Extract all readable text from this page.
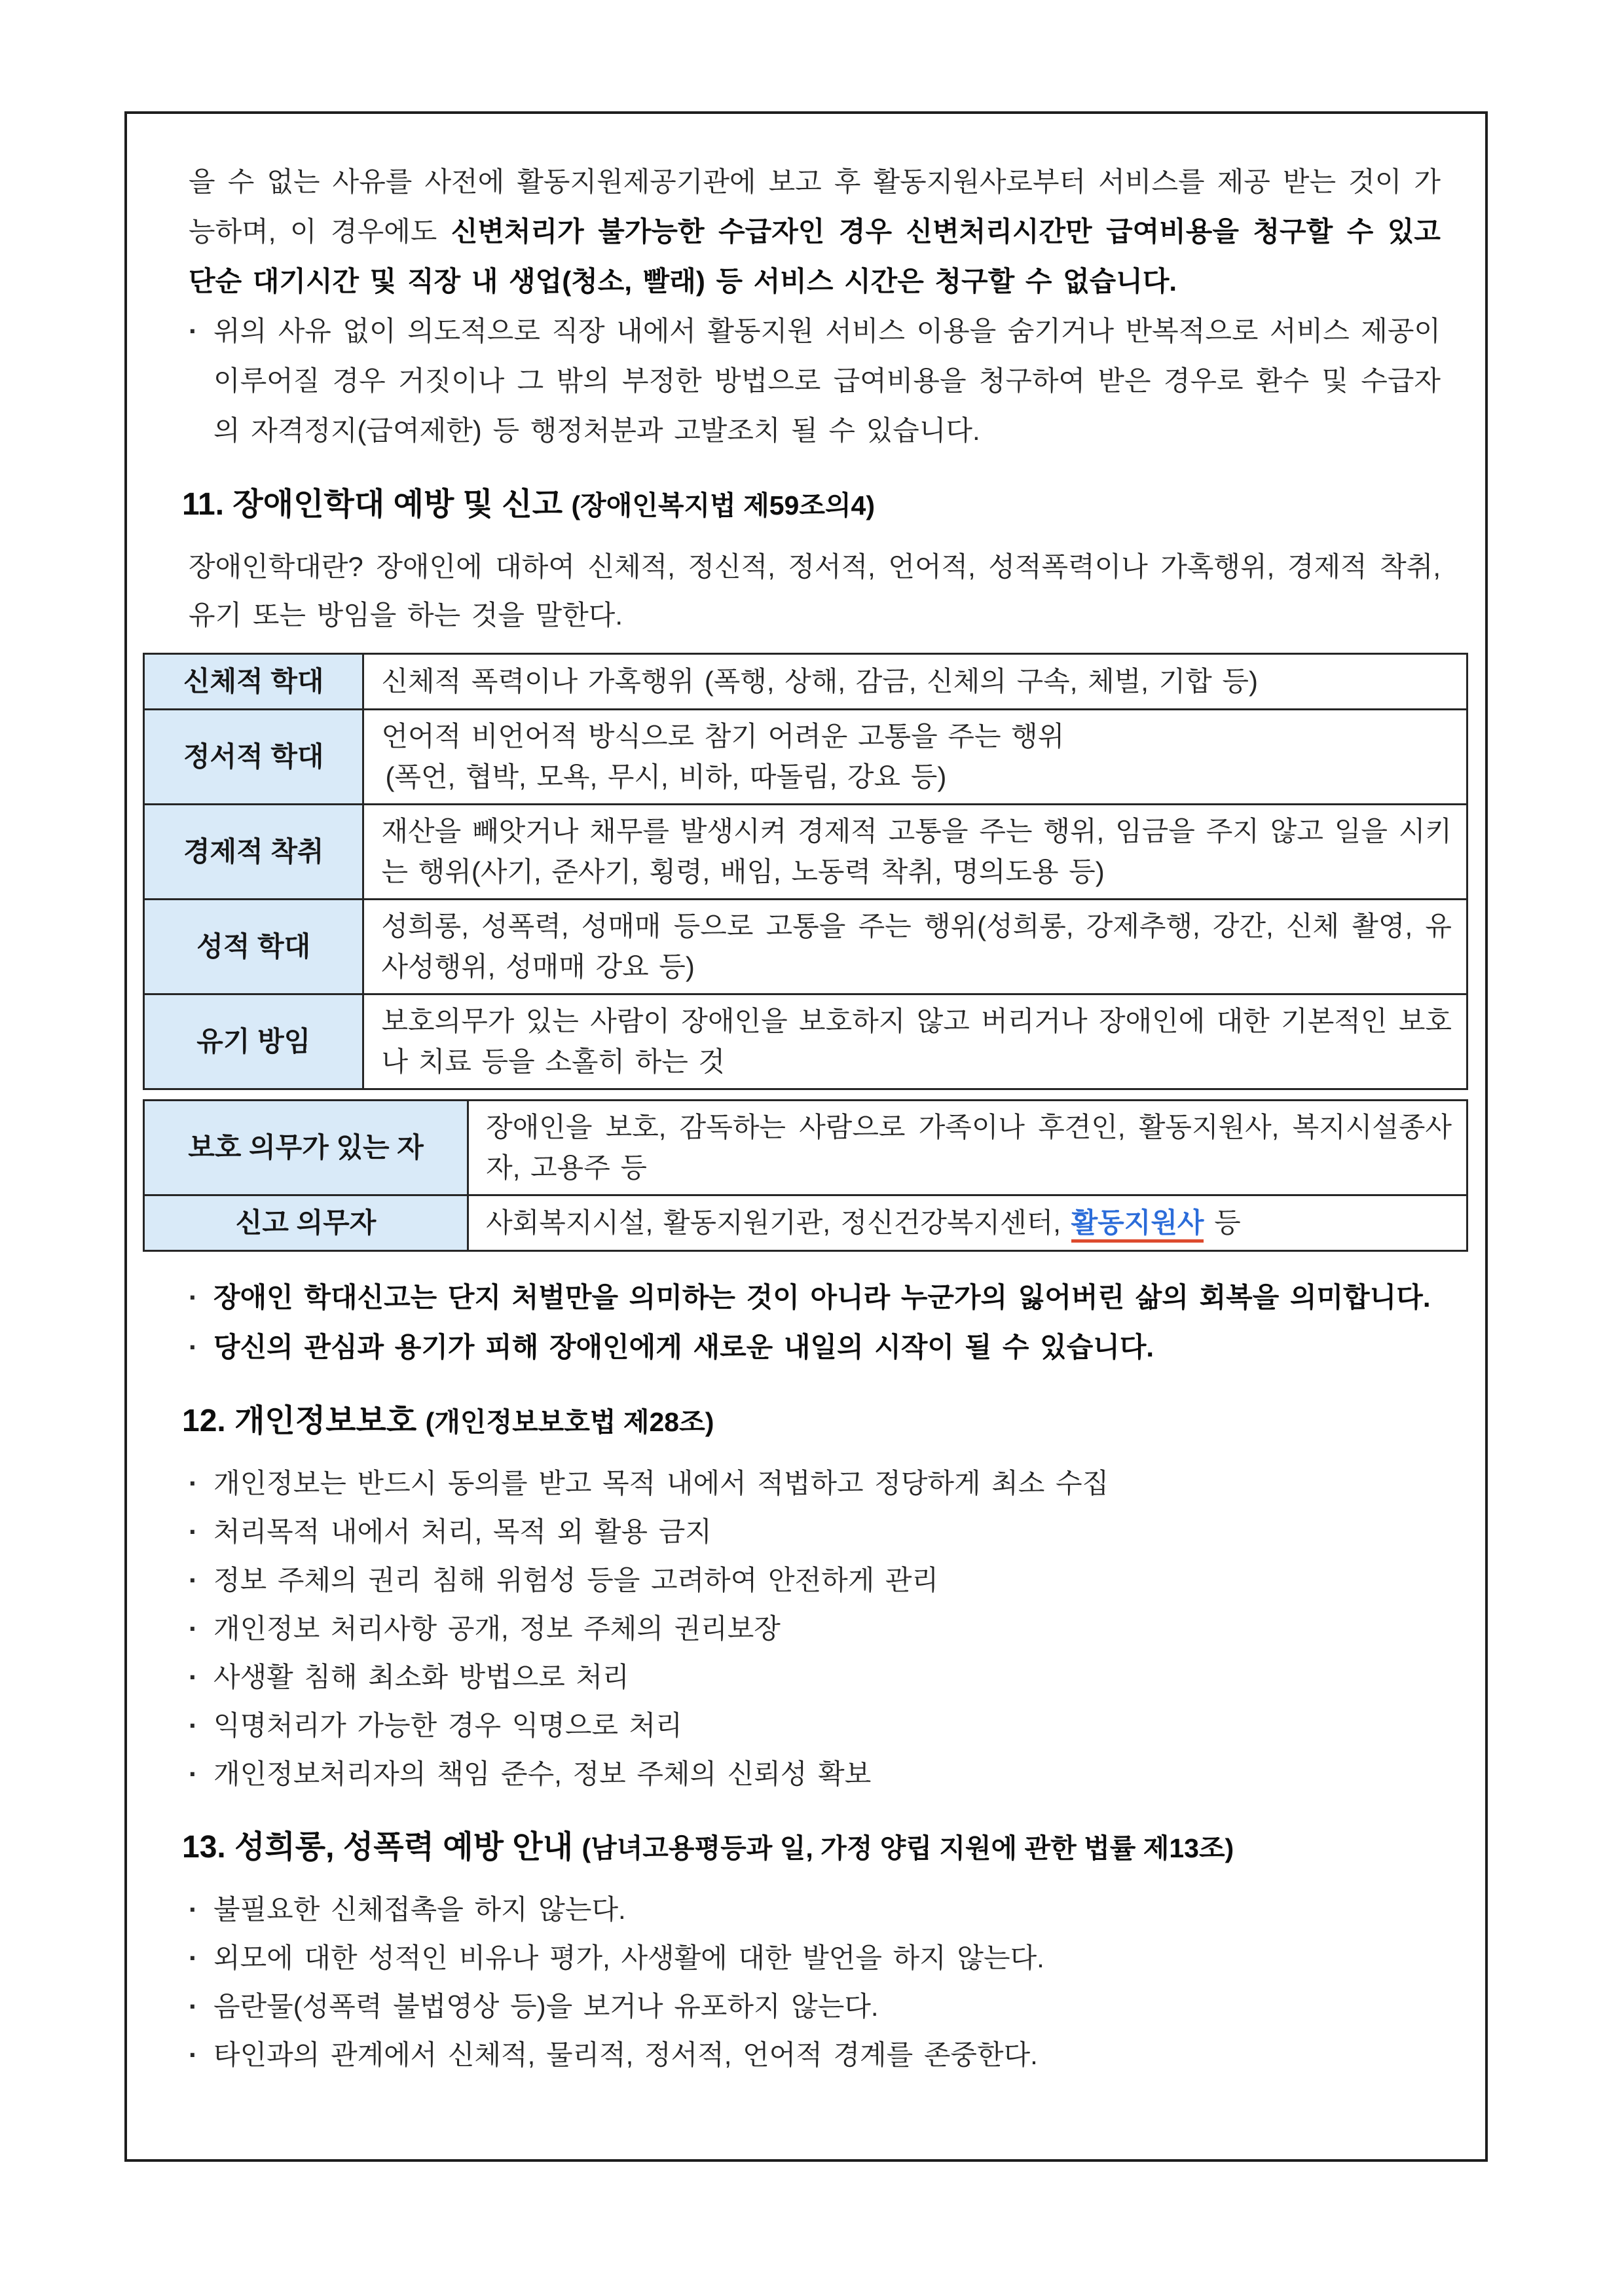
을 수 없는 사유를 사전에 활동지원제공기관에 보고 후 활동지원사로부터 서비스를 제공 받는 것이 가능하며, 이 경우에도 신변처리가 불가능한 수급자인 경우 신변처리시간만 급여비용을 청구할 수 있고 단순 대기시간 및 직장 내 생업(청소, 빨래) 등 서비스 시간은 청구할 수 없습니다.
· 위의 사유 없이 의도적으로 직장 내에서 활동지원 서비스 이용을 숨기거나 반복적으로 서비스 제공이 이루어질 경우 거짓이나 그 밖의 부정한 방법으로 급여비용을 청구하여 받은 경우로 환수 및 수급자의 자격정지(급여제한) 등 행정처분과 고발조치 될 수 있습니다.
11. 장애인학대 예방 및 신고 (장애인복지법 제59조의4)
장애인학대란? 장애인에 대하여 신체적, 정신적, 정서적, 언어적, 성적폭력이나 가혹행위, 경제적 착취, 유기 또는 방임을 하는 것을 말한다.
신체적 학대	신체적 폭력이나 가혹행위 (폭행, 상해, 감금, 신체의 구속, 체벌, 기합 등)
정서적 학대	언어적 비언어적 방식으로 참기 어려운 고통을 주는 행위
(폭언, 협박, 모욕, 무시, 비하, 따돌림, 강요 등)

경제적 착취	재산을 빼앗거나 채무를 발생시켜 경제적 고통을 주는 행위, 임금을 주지 않고 일을 시키는 행위(사기, 준사기, 횡령, 배임, 노동력 착취, 명의도용 등)
성적 학대	성희롱, 성폭력, 성매매 등으로 고통을 주는 행위(성희롱, 강제추행, 강간, 신체 촬영, 유사성행위, 성매매 강요 등)
유기 방임	보호의무가 있는 사람이 장애인을 보호하지 않고 버리거나 장애인에 대한 기본적인 보호나 치료 등을 소홀히 하는 것
보호 의무가 있는 자	장애인을 보호, 감독하는 사람으로 가족이나 후견인, 활동지원사, 복지시설종사자, 고용주 등
신고 의무자	사회복지시설, 활동지원기관, 정신건강복지센터, 활동지원사 등
· 장애인 학대신고는 단지 처벌만을 의미하는 것이 아니라 누군가의 잃어버린 삶의 회복을 의미합니다.
· 당신의 관심과 용기가 피해 장애인에게 새로운 내일의 시작이 될 수 있습니다.
12. 개인정보보호 (개인정보보호법 제28조)
· 개인정보는 반드시 동의를 받고 목적 내에서 적법하고 정당하게 최소 수집
· 처리목적 내에서 처리, 목적 외 활용 금지
· 정보 주체의 권리 침해 위험성 등을 고려하여 안전하게 관리
· 개인정보 처리사항 공개, 정보 주체의 권리보장
· 사생활 침해 최소화 방법으로 처리
· 익명처리가 가능한 경우 익명으로 처리
· 개인정보처리자의 책임 준수, 정보 주체의 신뢰성 확보
13. 성희롱, 성폭력 예방 안내 (남녀고용평등과 일, 가정 양립 지원에 관한 법률 제13조)
· 불필요한 신체접촉을 하지 않는다.
· 외모에 대한 성적인 비유나 평가, 사생활에 대한 발언을 하지 않는다.
· 음란물(성폭력 불법영상 등)을 보거나 유포하지 않는다.
· 타인과의 관계에서 신체적, 물리적, 정서적, 언어적 경계를 존중한다.
